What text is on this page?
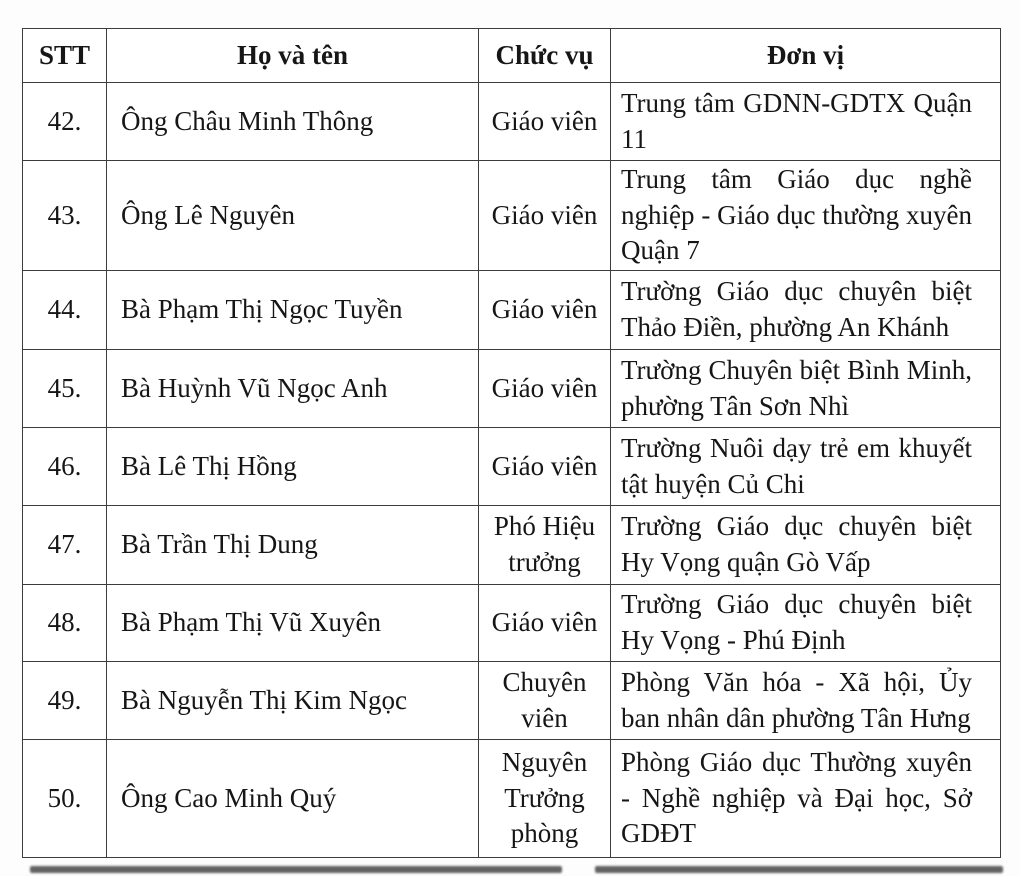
STT	Họ và tên	Chức vụ	Đơn vị
42.	Ông Châu Minh Thông	Giáo viên	Trung tâm GDNN-GDTX Quận 11
43.	Ông Lê Nguyên	Giáo viên	Trung tâm Giáo dục nghề nghiệp - Giáo dục thường xuyên Quận 7
44.	Bà Phạm Thị Ngọc Tuyền	Giáo viên	Trường Giáo dục chuyên biệt Thảo Điền, phường An Khánh
45.	Bà Huỳnh Vũ Ngọc Anh	Giáo viên	Trường Chuyên biệt Bình Minh, phường Tân Sơn Nhì
46.	Bà Lê Thị Hồng	Giáo viên	Trường Nuôi dạy trẻ em khuyết tật huyện Củ Chi
47.	Bà Trần Thị Dung	Phó Hiệu trưởng	Trường Giáo dục chuyên biệt Hy Vọng quận Gò Vấp
48.	Bà Phạm Thị Vũ Xuyên	Giáo viên	Trường Giáo dục chuyên biệt Hy Vọng - Phú Định
49.	Bà Nguyễn Thị Kim Ngọc	Chuyên viên	Phòng Văn hóa - Xã hội, Ủy ban nhân dân phường Tân Hưng
50.	Ông Cao Minh Quý	Nguyên Trưởng phòng	Phòng Giáo dục Thường xuyên - Nghề nghiệp và Đại học, Sở GDĐT
